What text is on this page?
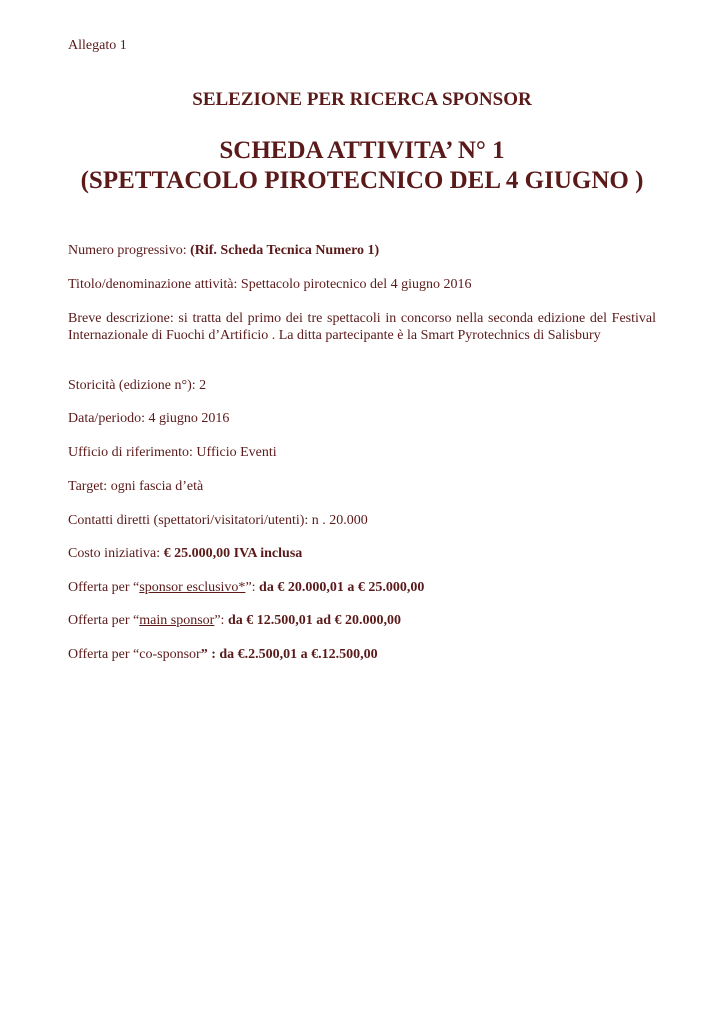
Allegato 1
SELEZIONE PER RICERCA SPONSOR
SCHEDA ATTIVITA’ N° 1
(SPETTACOLO PIROTECNICO DEL 4 GIUGNO )
Numero progressivo: (Rif. Scheda Tecnica Numero 1)
Titolo/denominazione attività: Spettacolo pirotecnico del 4 giugno 2016
Breve descrizione: si tratta del primo dei tre spettacoli in concorso nella seconda edizione del Festival Internazionale di Fuochi d’Artificio . La ditta partecipante è la Smart Pyrotechnics di Salisbury
Storicità (edizione n°): 2
Data/periodo: 4 giugno 2016
Ufficio di riferimento: Ufficio Eventi
Target: ogni fascia d’età
Contatti diretti (spettatori/visitatori/utenti): n . 20.000
Costo iniziativa: € 25.000,00 IVA inclusa
Offerta per “sponsor esclusivo*”: da € 20.000,01 a € 25.000,00
Offerta per “main sponsor”: da € 12.500,01 ad € 20.000,00
Offerta per “co-sponsor” : da €.2.500,01 a €.12.500,00
